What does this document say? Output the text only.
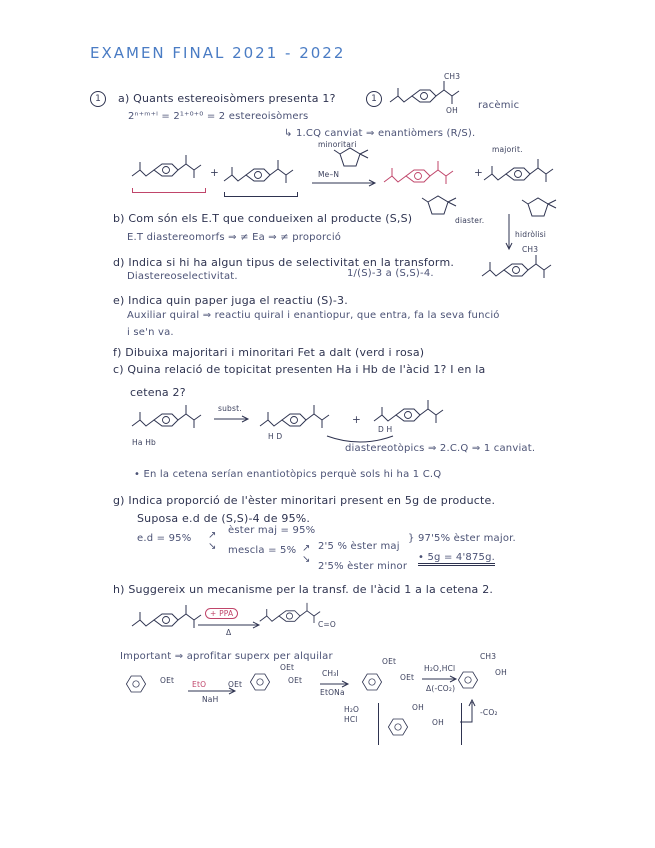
EXAMEN FINAL 2021 - 2022
1	a) Quants estereoisòmers presenta 1?	1
CH3
OH racèmic
2ⁿ⁺ᵐ⁺ˡ = 2¹⁺⁰⁺⁰ = 2 estereoisòmers
↳ 1.CQ canviat ⇒ enantiòmers (R/S).
+	Me–N
minoritari
+
majorit.
diaster.
hidròlisi
CH3
b) Com són els E.T que condueixen al producte (S,S)
E.T diastereomorfs ⇒ ≠ Ea ⇒ ≠ proporció
d) Indica si hi ha algun tipus de selectivitat en la transform.
Diastereoselectivitat.	1/(S)-3 a (S,S)-4.
e) Indica quin paper juga el reactiu (S)-3.
Auxiliar quiral ⇒ reactiu quiral i enantiopur, que entra, fa la seva funció
i se'n va.
f) Dibuixa majoritari i minoritari Fet a dalt (verd i rosa)
c) Quina relació de topicitat presenten Ha i Hb de l'àcid 1? I en la
cetena 2?
Ha Hb
subst.
H D
+
D H
diastereotòpics ⇒ 2.C.Q ⇒ 1 canviat.
• En la cetena serían enantiotòpics perquè sols hi ha 1 C.Q
g) Indica proporció de l'èster minoritari present en 5g de producte.
Suposa e.d de (S,S)-4 de 95%.
e.d = 95% ↗
↘
èster maj = 95%
mescla = 5% ↗
↘
2'5 % èster maj
2'5% èster minor
} 97'5% èster major.
• 5g = 4'875g.
h) Suggereix un mecanisme per la transf. de l'àcid 1 a la cetena 2.
+ PPA
Δ
C=O
Important ⇒ aprofitar superx per alquilar
OEt EtO	OEt
NaH
OEt
OEt
CH₃I
EtONa
OEt
OEt
H₂O,HCl
Δ(-CO₂)
CH3
OH
H₂O
HCl
OH
OH
-CO₂
